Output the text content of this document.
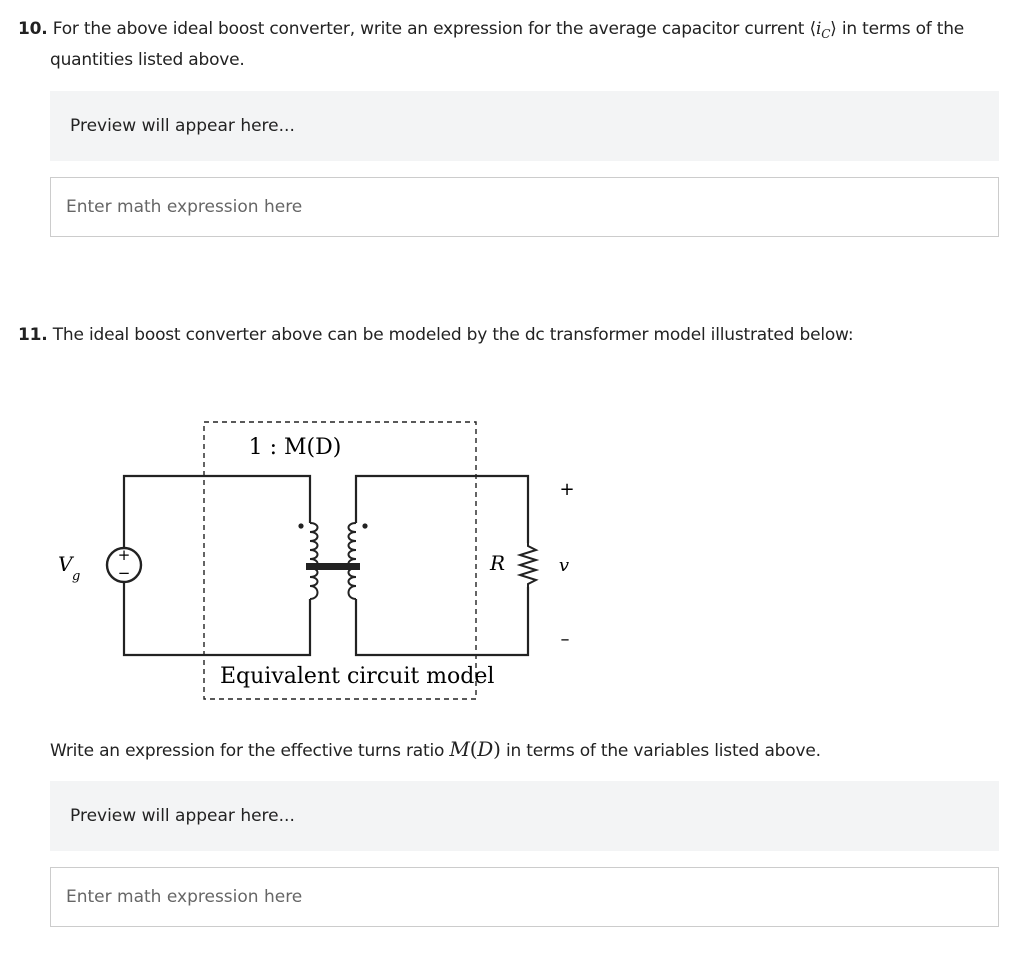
10. For the above ideal boost converter, write an expression for the average capacitor current $⟨i_C⟩$ in terms of the
quantities listed above.
Preview will appear here...
Enter math expression here
11. The ideal boost converter above can be modeled by the dc transformer model illustrated below:
1 : M(D)
+
−
V
g
R
+
v
–
Equivalent circuit model
Write an expression for the effective turns ratio M(D) in terms of the variables listed above.
Preview will appear here...
Enter math expression here
